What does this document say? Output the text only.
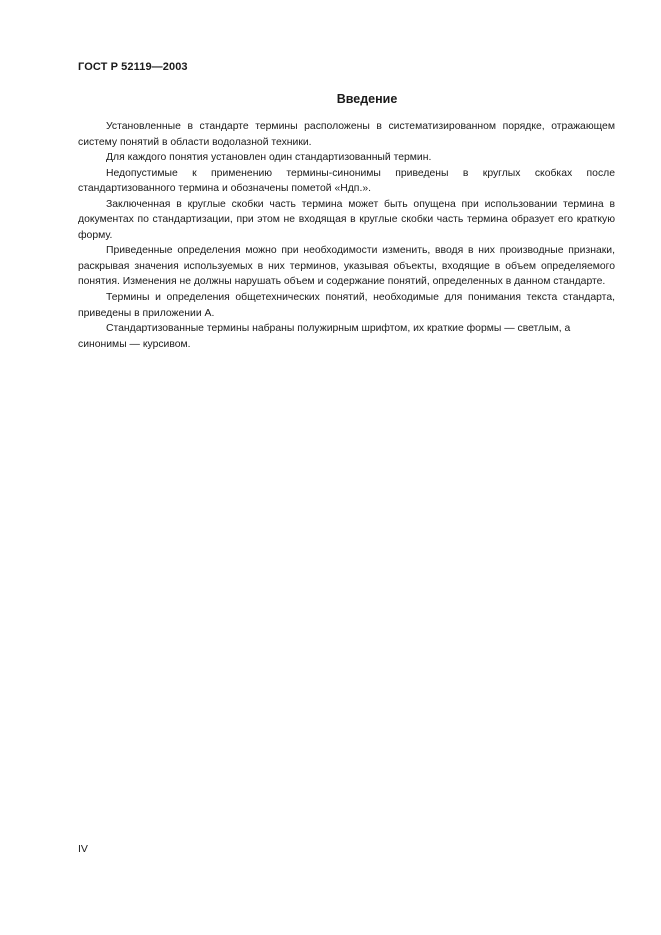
ГОСТ Р 52119—2003
Введение

Установленные в стандарте термины расположены в систематизированном порядке, отражающем систему понятий в области водолазной техники.

Для каждого понятия установлен один стандартизованный термин.

Недопустимые к применению термины-синонимы приведены в круглых скобках после стандартизованного термина и обозначены пометой «Ндп.».

Заключенная в круглые скобки часть термина может быть опущена при использовании термина в документах по стандартизации, при этом не входящая в круглые скобки часть термина образует его краткую форму.

Приведенные определения можно при необходимости изменить, вводя в них производные признаки, раскрывая значения используемых в них терминов, указывая объекты, входящие в объем определяемого понятия. Изменения не должны нарушать объем и содержание понятий, определенных в данном стандарте.

Термины и определения общетехнических понятий, необходимые для понимания текста стандарта, приведены в приложении А.

Стандартизованные термины набраны полужирным шрифтом, их краткие формы — светлым, а синонимы — курсивом.

IV
